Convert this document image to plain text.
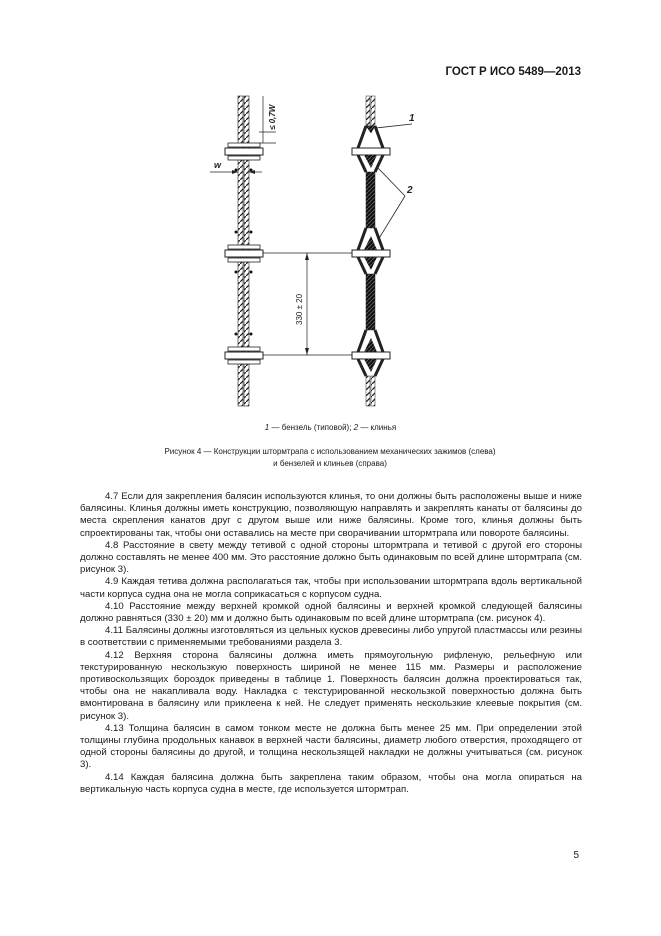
ГОСТ Р ИСО 5489—2013
≤ 0,7W
w
330 ± 20
1
2
1 — бензель (типовой); 2 — клинья
Рисунок 4 — Конструкции штормтрапа с использованием механических зажимов (слева)
и бензелей и клиньев (справа)
4.7 Если для закрепления балясин используются клинья, то они должны быть расположены выше и ниже балясины. Клинья должны иметь конструкцию, позволяющую направлять и закреплять канаты от балясины до места скрепления канатов друг с другом выше или ниже балясины. Кроме того, клинья должны быть спроектированы так, чтобы они оставались на месте при сворачивании штормтрапа или повороте балясины.
4.8 Расстояние в свету между тетивой с одной стороны штормтрапа и тетивой с другой его стороны должно составлять не менее 400 мм. Это расстояние должно быть одинаковым по всей длине штормтрапа (см. рисунок 3).
4.9 Каждая тетива должна располагаться так, чтобы при использовании штормтрапа вдоль вертикальной части корпуса судна она не могла соприкасаться с корпусом судна.
4.10 Расстояние между верхней кромкой одной балясины и верхней кромкой следующей балясины должно равняться (330 ± 20) мм и должно быть одинаковым по всей длине штормтрапа (см. рисунок 4).
4.11 Балясины должны изготовляться из цельных кусков древесины либо упругой пластмассы или резины в соответствии с применяемыми требованиями раздела 3.
4.12 Верхняя сторона балясины должна иметь прямоугольную рифленую, рельефную или текстурированную нескользкую поверхность шириной не менее 115 мм. Размеры и расположение противоскользящих бороздок приведены в таблице 1. Поверхность балясин должна проектироваться так, чтобы она не накапливала воду. Накладка с текстурированной нескользкой поверхностью должна быть вмонтирована в балясину или приклеена к ней. Не следует применять нескользкие клеевые покрытия (см. рисунок 3).
4.13 Толщина балясин в самом тонком месте не должна быть менее 25 мм. При определении этой толщины глубина продольных канавок в верхней части балясины, диаметр любого отверстия, проходящего от одной стороны балясины до другой, и толщина нескользящей накладки не должны учитываться (см. рисунок 3).
4.14 Каждая балясина должна быть закреплена таким образом, чтобы она могла опираться на вертикальную часть корпуса судна в месте, где используется штормтрап.
5
